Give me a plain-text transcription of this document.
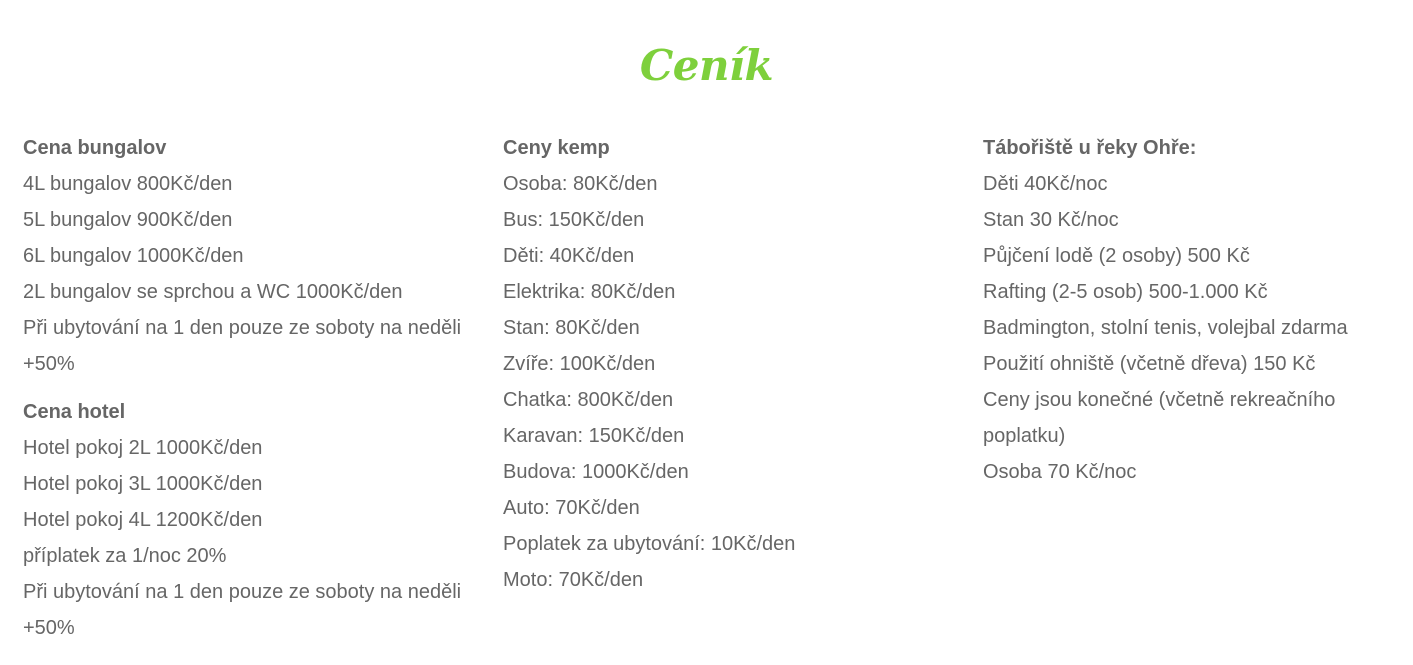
Ceník
Cena bungalov
4L bungalov 800Kč/den
5L bungalov 900Kč/den
6L bungalov 1000Kč/den
2L bungalov se sprchou a WC 1000Kč/den
Při ubytování na 1 den pouze ze soboty na neděli +50%
Cena hotel
Hotel pokoj 2L 1000Kč/den
Hotel pokoj 3L 1000Kč/den
Hotel pokoj 4L 1200Kč/den
příplatek za 1/noc 20%
Při ubytování na 1 den pouze ze soboty na neděli +50%
Ceny kemp
Osoba: 80Kč/den
Bus: 150Kč/den
Děti: 40Kč/den
Elektrika: 80Kč/den
Stan: 80Kč/den
Zvíře: 100Kč/den
Chatka: 800Kč/den
Karavan: 150Kč/den
Budova: 1000Kč/den
Auto: 70Kč/den
Poplatek za ubytování: 10Kč/den
Moto: 70Kč/den
Tábořiště u řeky Ohře:
Děti 40Kč/noc
Stan 30 Kč/noc
Půjčení lodě (2 osoby) 500 Kč
Rafting (2-5 osob) 500-1.000 Kč
Badmington, stolní tenis, volejbal zdarma
Použití ohniště (včetně dřeva) 150 Kč
Ceny jsou konečné (včetně rekreačního poplatku)
Osoba 70 Kč/noc
